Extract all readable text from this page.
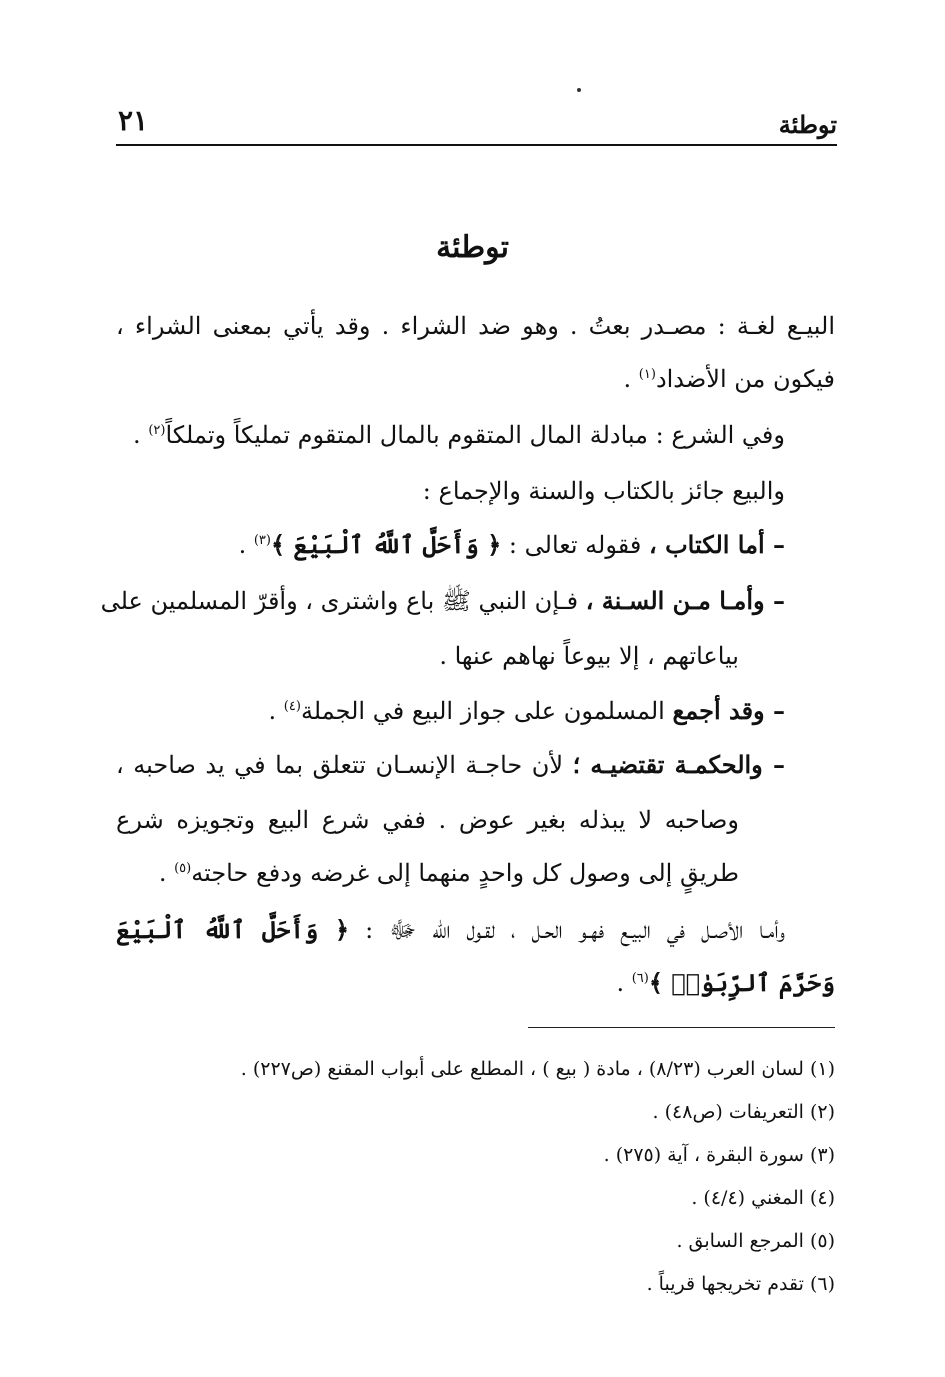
توطئة
٢١
توطئة
البيـع لغـة : مصـدر بعتُ . وهو ضد الشراء . وقد يأتي بمعنى الشراء ،
فيكون من الأضداد$^{(١)}$ .
وفي الشرع : مبادلة المال المتقوم بالمال المتقوم تمليكاً وتملكاً$^{(٢)}$ .
والبيع جائز بالكتاب والسنة والإجماع :
– أما الكتاب ، فقوله تعالى : ﴿ وَأَحَلَّ ٱللَّهُ ٱلْبَيْعَ ﴾$^{(٣)}$ .
– وأمـا مـن السـنة ، فـإن النبي ﷺ باع واشترى ، وأقرّ المسلمين على
بياعاتهم ، إلا بيوعاً نهاهم عنها .
– وقد أجمع المسلمون على جواز البيع في الجملة$^{(٤)}$ .
– والحكمـة تقتضيـه ؛ لأن حاجـة الإنسـان تتعلق بما في يد صاحبه ،
وصاحبه لا يبذله بغير عوض . ففي شرع البيع وتجويزه شرع
طريقٍ إلى وصول كل واحدٍ منهما إلى غرضه ودفع حاجته$^{(٥)}$ .
وأمـا الأصـل في البيـع فهـو الحـل ، لقـول الله ﷻ : ﴿ وَأَحَلَّ ٱللَّهُ ٱلْبَيْعَ
وَحَرَّمَ ٱلرِّبَوٰا۟ ﴾$^{(٦)}$ .
(١) لسان العرب (٨/٢٣) ، مادة ( بيع ) ، المطلع على أبواب المقنع (ص٢٢٧) .
(٢) التعريفات (ص٤٨) .
(٣) سورة البقرة ، آية (٢٧٥) .
(٤) المغني (٤/٤) .
(٥) المرجع السابق .
(٦) تقدم تخريجها قريباً .
